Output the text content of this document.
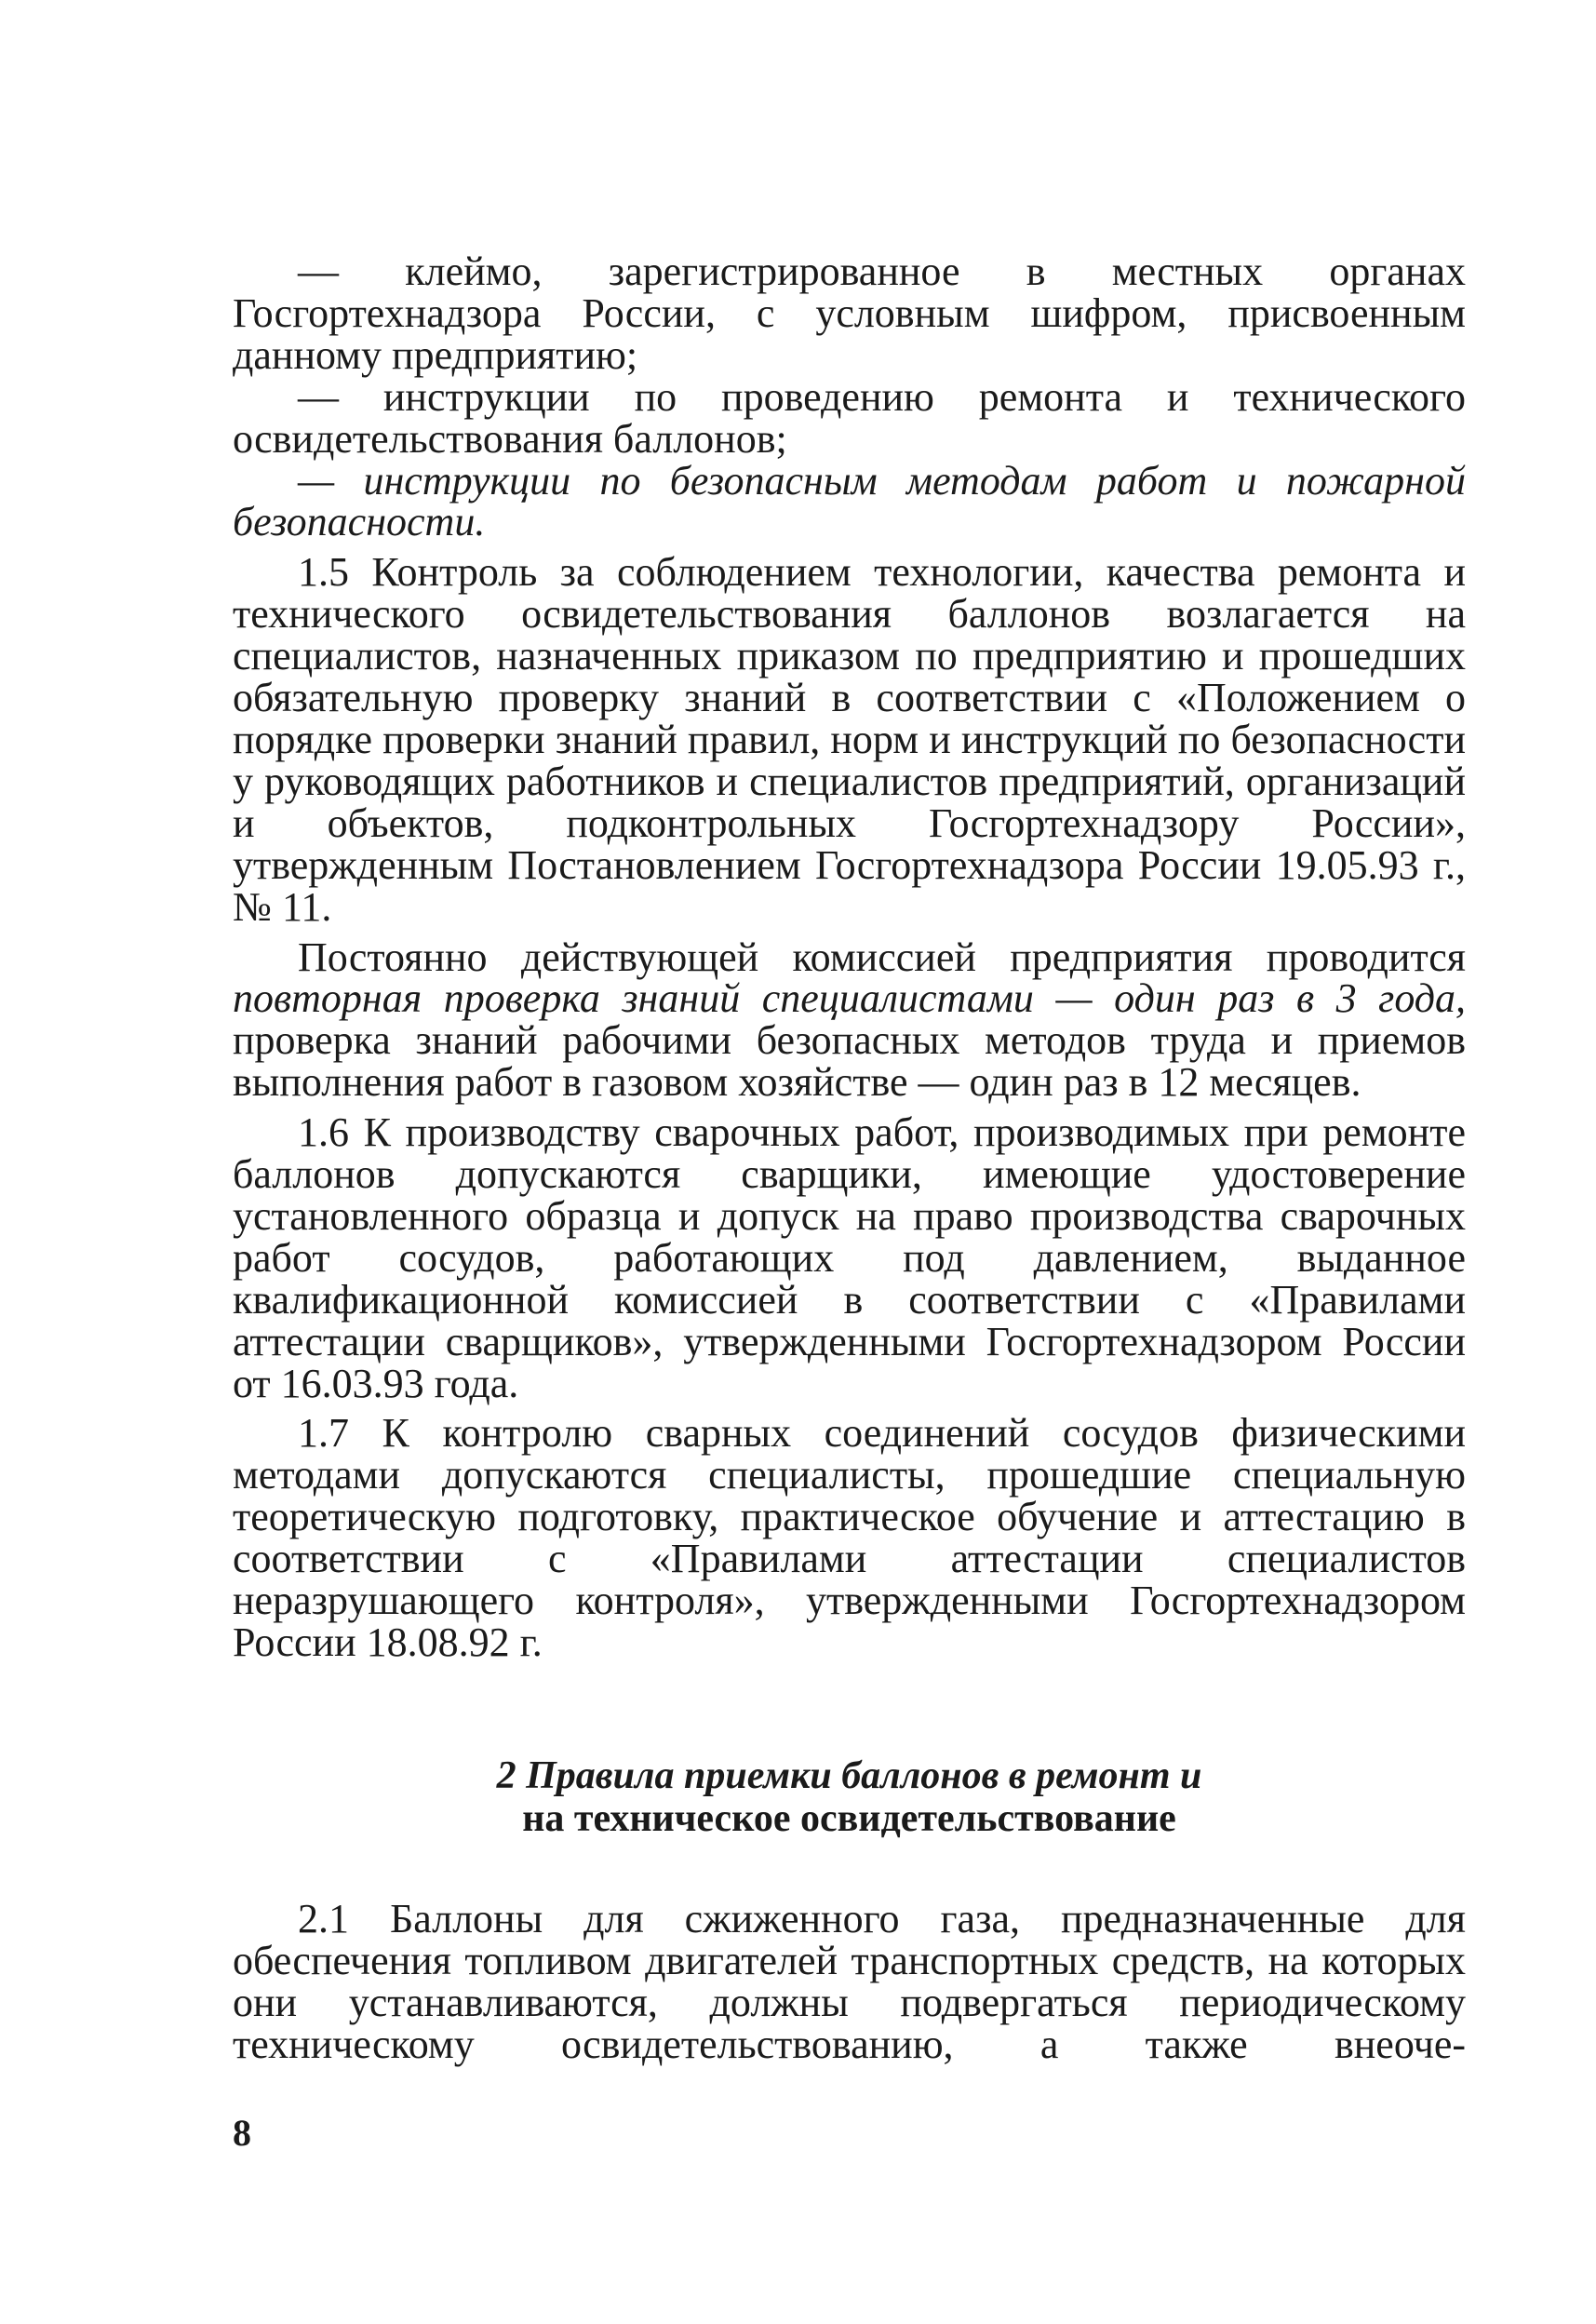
— клеймо, зарегистрированное в местных органах Госгортехнадзора России, с условным шифром, присвоенным данному предприятию;

— инструкции по проведению ремонта и технического освидетельствования баллонов;

— инструкции по безопасным методам работ и пожарной безопасности.

1.5 Контроль за соблюдением технологии, качества ремонта и технического освидетельствования баллонов возлагается на специалистов, назначенных приказом по предприятию и прошедших обязательную проверку знаний в соответствии с «Положением о порядке проверки знаний правил, норм и инструкций по безопасности у руководящих работников и специалистов предприятий, организаций и объектов, подконтрольных Госгортехнадзору России», утвержденным Постановлением Госгортехнадзора России 19.05.93 г., № 11.

Постоянно действующей комиссией предприятия проводится повторная проверка знаний специалистами — один раз в 3 года, проверка знаний рабочими безопасных методов труда и приемов выполнения работ в газовом хозяйстве — один раз в 12 месяцев.

1.6 К производству сварочных работ, производимых при ремонте баллонов допускаются сварщики, имеющие удостоверение установленного образца и допуск на право производства сварочных работ сосудов, работающих под давлением, выданное квалификационной комиссией в соответствии с «Правилами аттестации сварщиков», утвержденными Госгортехнадзором России от 16.03.93 года.

1.7 К контролю сварных соединений сосудов физическими методами допускаются специалисты, прошедшие специальную теоретическую подготовку, практическое обучение и аттестацию в соответствии с «Правилами аттестации специалистов неразрушающего контроля», утвержденными Госгортехнадзором России 18.08.92 г.

2 Правила приемки баллонов в ремонт и
на техническое освидетельствование

2.1 Баллоны для сжиженного газа, предназначенные для обеспечения топливом двигателей транспортных средств, на которых они устанавливаются, должны подвергаться периодическому техническому освидетельствованию, а также внеоче-

8
